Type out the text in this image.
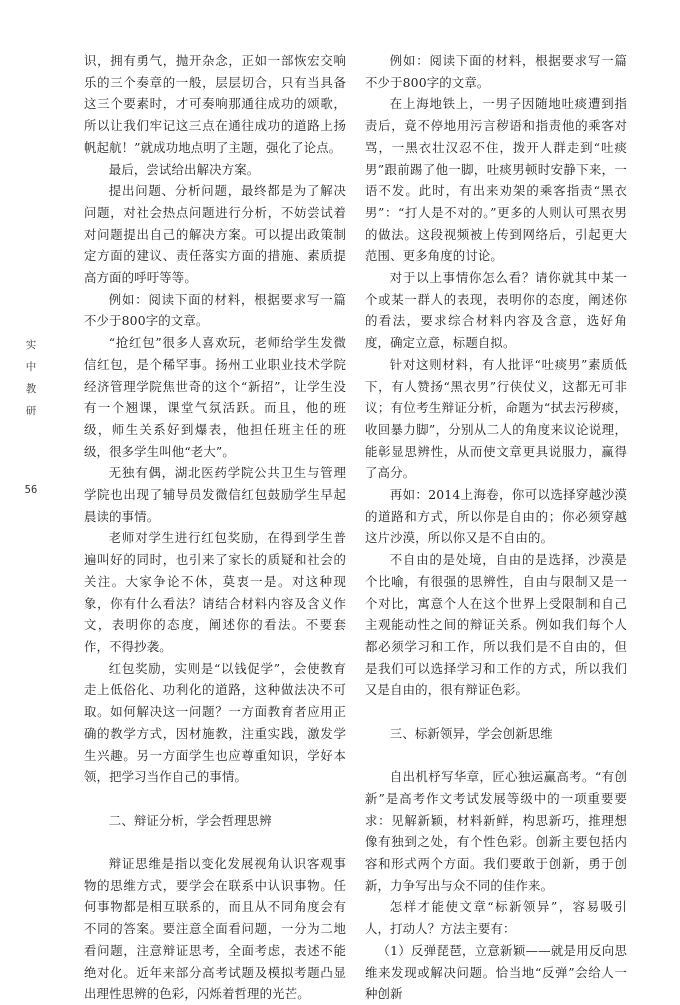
实
中
教
研
56

识，拥有勇气，抛开杂念，正如一部恢宏交响乐的三个奏章的一般，层层切合，只有当具备这三个要素时，才可奏响那通往成功的颂歌，所以让我们牢记这三点在通往成功的道路上扬帆起航！”就成功地点明了主题，强化了论点。

最后，尝试给出解决方案。

提出问题、分析问题，最终都是为了解决问题，对社会热点问题进行分析，不妨尝试着对问题提出自己的解决方案。可以提出政策制定方面的建议、责任落实方面的措施、素质提高方面的呼吁等等。

例如：阅读下面的材料，根据要求写一篇不少于800字的文章。

“抢红包”很多人喜欢玩，老师给学生发微信红包，是个稀罕事。扬州工业职业技术学院经济管理学院焦世奇的这个“新招”，让学生没有一个翘课，课堂气氛活跃。而且，他的班级，师生关系好到爆表，他担任班主任的班级，很多学生叫他“老大”。

无独有偶，湖北医药学院公共卫生与管理学院也出现了辅导员发微信红包鼓励学生早起晨读的事情。

老师对学生进行红包奖励，在得到学生普遍叫好的同时，也引来了家长的质疑和社会的关注。大家争论不休，莫衷一是。对这种现象，你有什么看法？请结合材料内容及含义作文，表明你的态度，阐述你的看法。不要套作，不得抄袭。

红包奖励，实则是“以钱促学”，会使教育走上低俗化、功利化的道路，这种做法决不可取。如何解决这一问题？一方面教育者应用正确的教学方式，因材施教，注重实践，激发学生兴趣。另一方面学生也应尊重知识，学好本领，把学习当作自己的事情。

二、辩证分析，学会哲理思辨

辩证思维是指以变化发展视角认识客观事物的思维方式，要学会在联系中认识事物。任何事物都是相互联系的，而且从不同角度会有不同的答案。要注意全面看问题，一分为二地看问题，注意辩证思考，全面考虑，表述不能绝对化。近年来部分高考试题及模拟考题凸显出理性思辨的色彩，闪烁着哲理的光芒。

例如：阅读下面的材料，根据要求写一篇不少于800字的文章。

在上海地铁上，一男子因随地吐痰遭到指责后，竟不停地用污言秽语和指责他的乘客对骂，一黑衣壮汉忍不住，拨开人群走到“吐痰男”跟前踢了他一脚，吐痰男顿时安静下来，一语不发。此时，有出来劝架的乘客指责“黑衣男”：“打人是不对的。”更多的人则认可黑衣男的做法。这段视频被上传到网络后，引起更大范围、更多角度的讨论。

对于以上事情你怎么看？请你就其中某一个或某一群人的表现，表明你的态度，阐述你的看法，要求综合材料内容及含意，选好角度，确定立意，标题自拟。

针对这则材料，有人批评“吐痰男”素质低下，有人赞扬“黑衣男”行侠仗义，这都无可非议；有位考生辩证分析，命题为“拭去污秽痰，收回暴力脚”，分别从二人的角度来议论说理，能彰显思辨性，从而使文章更具说服力，赢得了高分。

再如：2014上海卷，你可以选择穿越沙漠的道路和方式，所以你是自由的；你必须穿越这片沙漠，所以你又是不自由的。

不自由的是处境，自由的是选择，沙漠是个比喻，有很强的思辨性，自由与限制又是一个对比，寓意个人在这个世界上受限制和自己主观能动性之间的辩证关系。例如我们每个人都必须学习和工作，所以我们是不自由的，但是我们可以选择学习和工作的方式，所以我们又是自由的，很有辩证色彩。

三、标新领异，学会创新思维

自出机杼写华章，匠心独运赢高考。“有创新”是高考作文考试发展等级中的一项重要要求：见解新颖，材料新鲜，构思新巧，推理想像有独到之处，有个性色彩。创新主要包括内容和形式两个方面。我们要敢于创新，勇于创新，力争写出与众不同的佳作来。

怎样才能使文章“标新领异”，容易吸引人，打动人？方法主要有：

（1）反弹琵琶，立意新颖——就是用反向思维来发现或解决问题。恰当地“反弹”会给人一种创新
